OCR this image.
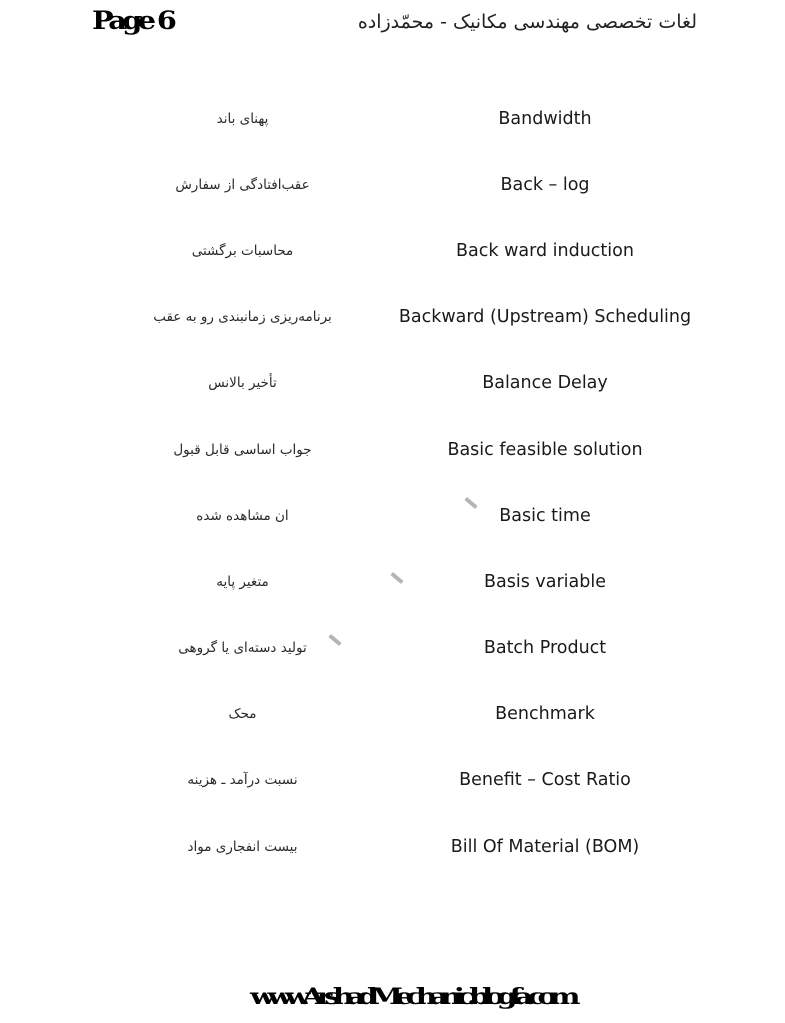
Page 6	لغات تخصصی مهندسی مکانیک - محمّدزاده
Bandwidth
پهنای باند
Back – log
عقب‌افتادگی از سفارش
Back ward induction
محاسبات برگشتی
Backward (Upstream) Scheduling
برنامه‌ریزی زمانبندی رو به عقب
Balance Delay
تأخیر بالانس
Basic feasible solution
جواب اساسی قابل قبول
Basic time
ان مشاهده شده
Basis variable
متغیر پایه
Batch Product
تولید دسته‌ای یا گروهی
Benchmark
محک
Benefit – Cost Ratio
نسبت درآمد ـ هزینه
Bill Of Material (BOM)
بیست انفجاری مواد
www.ArshadMechanic.blogfa.com
